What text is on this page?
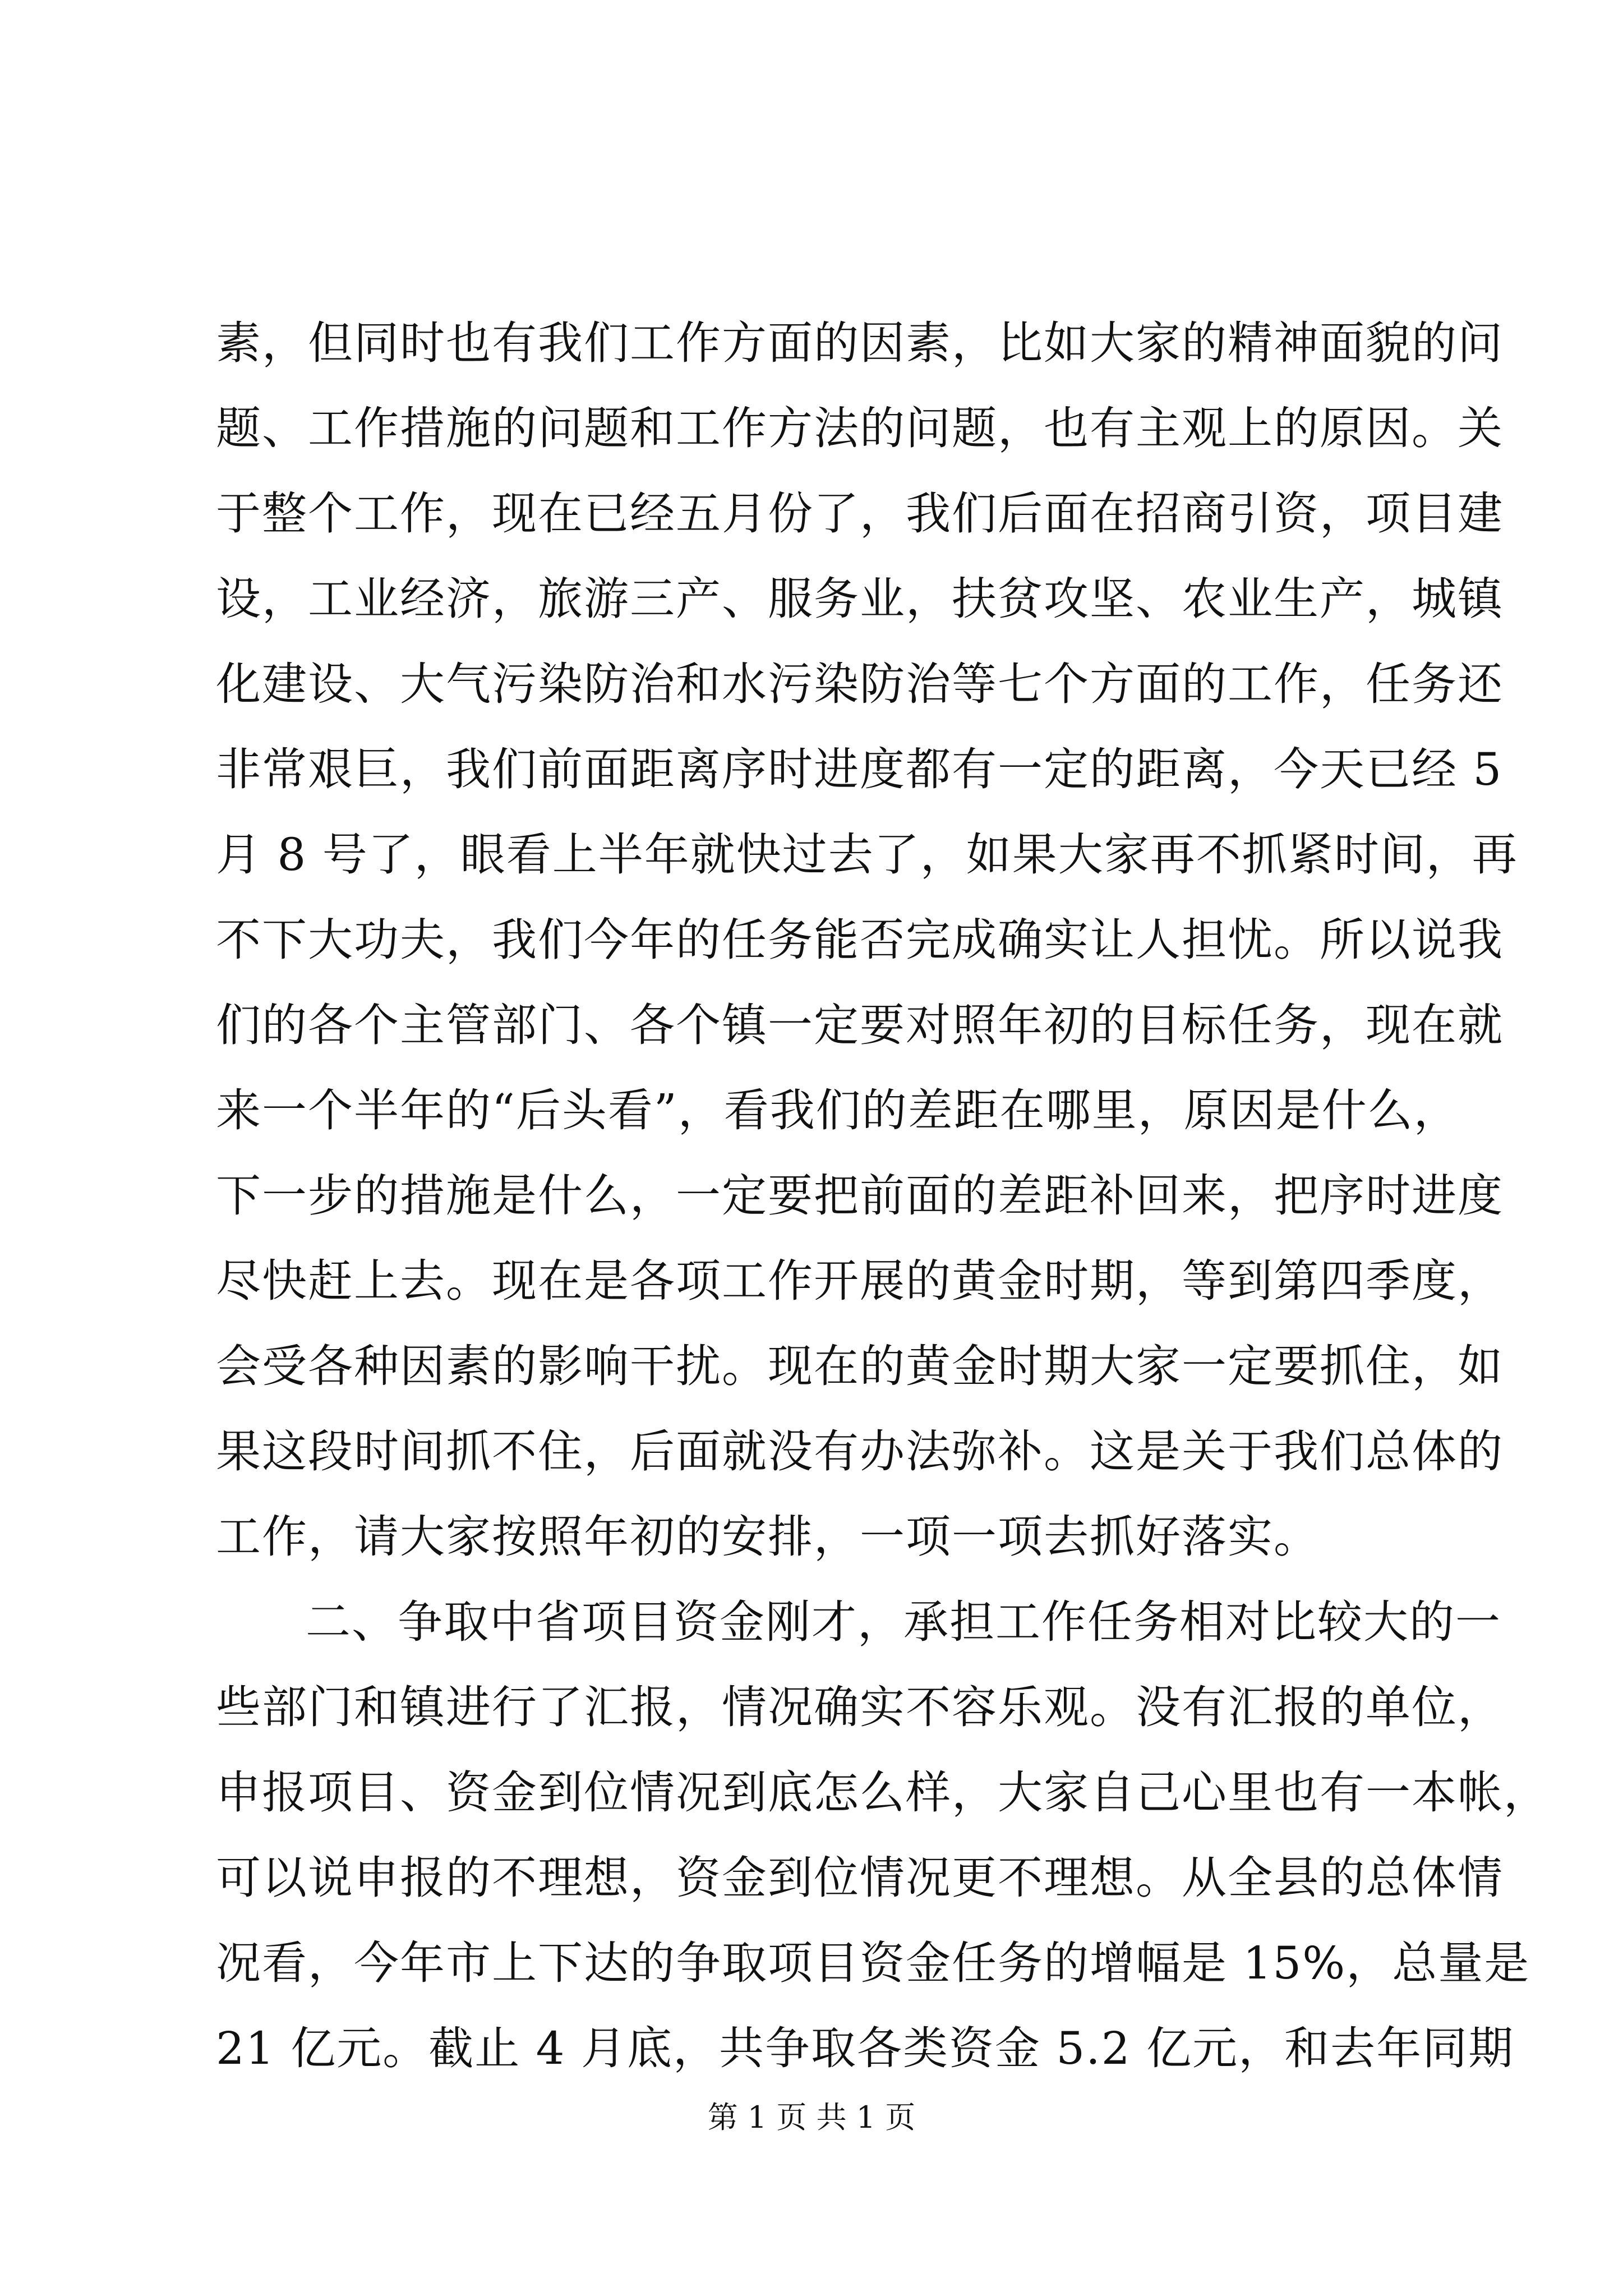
素，但同时也有我们工作方面的因素，比如大家的精神面貌的问
题、工作措施的问题和工作方法的问题，也有主观上的原因。关
于整个工作，现在已经五月份了，我们后面在招商引资，项目建
设，工业经济，旅游三产、服务业，扶贫攻坚、农业生产，城镇
化建设、大气污染防治和水污染防治等七个方面的工作，任务还
非常艰巨，我们前面距离序时进度都有一定的距离，今天已经 5
月 8 号了，眼看上半年就快过去了，如果大家再不抓紧时间，再
不下大功夫，我们今年的任务能否完成确实让人担忧。所以说我
们的各个主管部门、各个镇一定要对照年初的目标任务，现在就
来一个半年的“后头看”，看我们的差距在哪里，原因是什么，
下一步的措施是什么，一定要把前面的差距补回来，把序时进度
尽快赶上去。现在是各项工作开展的黄金时期，等到第四季度，
会受各种因素的影响干扰。现在的黄金时期大家一定要抓住，如
果这段时间抓不住，后面就没有办法弥补。这是关于我们总体的
工作，请大家按照年初的安排，一项一项去抓好落实。
二、争取中省项目资金刚才，承担工作任务相对比较大的一
些部门和镇进行了汇报，情况确实不容乐观。没有汇报的单位，
申报项目、资金到位情况到底怎么样，大家自己心里也有一本帐，
可以说申报的不理想，资金到位情况更不理想。从全县的总体情
况看，今年市上下达的争取项目资金任务的增幅是 15%，总量是
21 亿元。截止 4 月底，共争取各类资金 5.2 亿元，和去年同期
第 1 页 共 1 页
